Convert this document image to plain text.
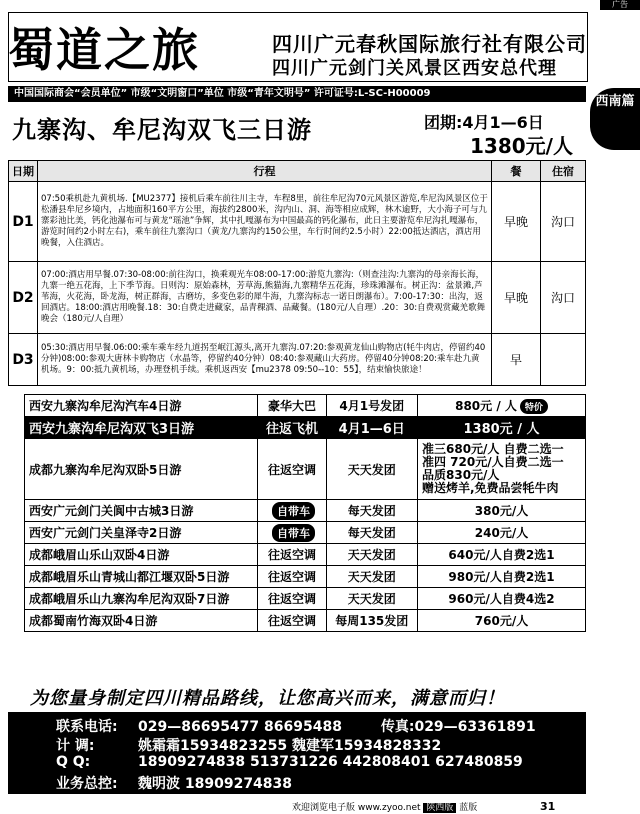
广告
蜀道之旅	四川广元春秋国际旅行社有限公司
四川广元剑门关风景区西安总代理
中国国际商会“会员单位” 市级“文明窗口”单位 市级“青年文明号” 许可证号:L-SC-H00009
西南篇
九寨沟、牟尼沟双飞三日游	团期:4月1—6日
1380元/人
日期	行程	餐	住宿
D1	07:50乘机赴九黄机场.【MU2377】接机后乘车前往川主寺，车程8里，前往牟尼沟70元风景区游览,牟尼沟风景区位于松潘县牟尼乡境内，占地面积160平方公里，海拔约2800米，沟内山、洞、海等相应成辉，林木逾野，大小海子可与九寨彩池比美，钙化池瀑布可与黄龙“瑶池”争辉，其中扎嘎瀑布为中国最高的钙化瀑布，此日主要游览牟尼沟扎嘎瀑布，游览时间约2小时左右)，乘车前往九寨沟口（黄龙/九寨沟约150公里，车行时间约2.5小时）22:00抵达酒店，酒店用晚餐，入住酒店。	早晚	沟口
D2	07:00:酒店用早餐.07:30-08:00:前往沟口，换乘观光车08:00-17:00:游览九寨沟:（则查洼沟:九寨沟的母亲海长海，九寨一绝五花海，上下季节海。日则沟：原始森林，芳草海,熊猫海,九寨精华五花海，珍珠滩瀑布。树正沟：盆景滩,芦苇海，火花海，卧龙海，树正群海，古磨坊，多变色彩的犀牛海，九寨沟标志一诺日朗瀑布）。7:00-17:30：出沟，返回酒店。18:00:酒店用晚餐.18：30:自费走进藏家，品青稞酒、品藏餐。(180元/人自理）.20：30:自费观赏藏羌歌舞晚会（180元/人自理）	早晚	沟口
D3	05:30:酒店用早餐.06:00:乘车乘车经九道拐至岷江源头,离开九寨沟.07:20:参观黄龙仙山购物店(牦牛肉店，停留约40分钟)08:00:参观大唐林卡购物店（水晶等，停留约40分钟）08:40:参观藏山大药房。停留40分钟08:20:乘车赴九黄机场。9：00:抵九黄机场，办理登机手续。乘机返西安【mu2378 09:50--10：55】，结束愉快旅途！	早	
西安九寨沟牟尼沟汽车4日游	豪华大巴	4月1号发团	880元 / 人 特价
西安九寨沟牟尼沟双飞3日游	往返飞机	4月1—6日	1380元 / 人
成都九寨沟牟尼沟双卧5日游	往返空调	天天发团	准三680元/人 自费二选一
准四 720元/人自费二选一
品质830元/人
赠送烤羊,免费品尝牦牛肉
西安广元剑门关阆中古城3日游	自带车	每天发团	380元/人
西安广元剑门关皇泽寺2日游	自带车	每天发团	240元/人
成都峨眉山乐山双卧4日游	往返空调	天天发团	640元/人自费2选1
成都峨眉乐山青城山都江堰双卧5日游	往返空调	天天发团	980元/人自费2选1
成都峨眉乐山九寨沟牟尼沟双卧7日游	往返空调	天天发团	960元/人自费4选2
成都蜀南竹海双卧4日游	往返空调	每周135发团	760元/人
为您量身制定四川精品路线，让您高兴而来，满意而归！
联系电话: 029—86695477 86695488	传真:029—63361891
计 调:	姚霜霜15934823255 魏建军15934828332
Q Q:	18909274838 513731226 442808401 627480859
业务总控: 魏明波 18909274838
欢迎浏览电子版 www.zyoo.net 陕西版 蓝版	31
